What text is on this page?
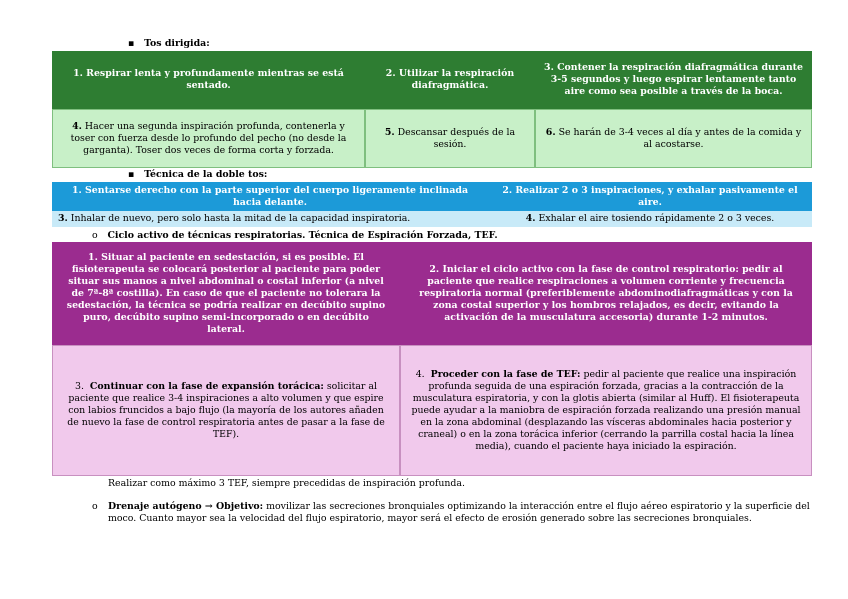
▪ Tos dirigida:
1. Respirar lenta y profundamente mientras se está sentado.
2. Utilizar la respiración diafragmática.
3. Contener la respiración diafragmática durante 3-5 segundos y luego espirar lentamente tanto aire como sea posible a través de la boca.
4. Hacer una segunda inspiración profunda, contenerla y toser con fuerza desde lo profundo del pecho (no desde la garganta). Toser dos veces de forma corta y forzada.
5. Descansar después de la sesión.
6. Se harán de 3-4 veces al día y antes de la comida y al acostarse.
▪ Técnica de la doble tos:
1. Sentarse derecho con la parte superior del cuerpo ligeramente inclinada hacia delante.
2. Realizar 2 o 3 inspiraciones, y exhalar pasivamente el aire.
3. Inhalar de nuevo, pero solo hasta la mitad de la capacidad inspiratoria.	4. Exhalar el aire tosiendo rápidamente 2 o 3 veces.
o Ciclo activo de técnicas respiratorias. Técnica de Espiración Forzada, TEF.
1. Situar al paciente en sedestación, si es posible. El fisioterapeuta se colocará posterior al paciente para poder situar sus manos a nivel abdominal o costal inferior (a nivel de 7ª-8ª costilla). En caso de que el paciente no tolerara la sedestación, la técnica se podría realizar en decúbito supino puro, decúbito supino semi-incorporado o en decúbito lateral.
2. Iniciar el ciclo activo con la fase de control respiratorio: pedir al paciente que realice respiraciones a volumen corriente y frecuencia respiratoria normal (preferiblemente abdominodiafragmáticas y con la zona costal superior y los hombros relajados, es decir, evitando la activación de la musculatura accesoria) durante 1-2 minutos.
3. Continuar con la fase de expansión torácica: solicitar al paciente que realice 3-4 inspiraciones a alto volumen y que espire con labios fruncidos a bajo flujo (la mayoría de los autores añaden de nuevo la fase de control respiratoria antes de pasar a la fase de TEF).
4. Proceder con la fase de TEF: pedir al paciente que realice una inspiración profunda seguida de una espiración forzada, gracias a la contracción de la musculatura espiratoria, y con la glotis abierta (similar al Huff). El fisioterapeuta puede ayudar a la maniobra de espiración forzada realizando una presión manual en la zona abdominal (desplazando las vísceras abdominales hacia posterior y craneal) o en la zona torácica inferior (cerrando la parrilla costal hacia la línea media), cuando el paciente haya iniciado la espiración.
Realizar como máximo 3 TEF, siempre precedidas de inspiración profunda.
o Drenaje autógeno → Objetivo: movilizar las secreciones bronquiales optimizando la interacción entre el flujo aéreo espiratorio y la superficie del moco. Cuanto mayor sea la velocidad del flujo espiratorio, mayor será el efecto de erosión generado sobre las secreciones bronquiales.
